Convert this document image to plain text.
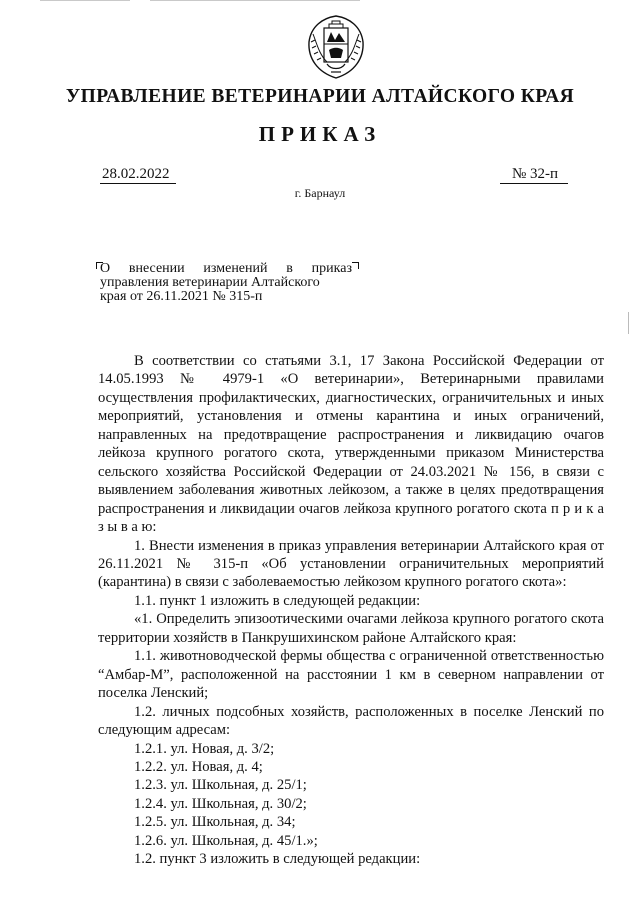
УПРАВЛЕНИЕ ВЕТЕРИНАРИИ АЛТАЙСКОГО КРАЯ
ПРИКАЗ
28.02.2022	№ 32-п
г. Барнаул
О внесении изменений в приказ
управления ветеринарии Алтайского
края от 26.11.2021 № 315-п

В соответствии со статьями 3.1, 17 Закона Российской Федерации от 14.05.1993 № 4979-1 «О ветеринарии», Ветеринарными правилами осуществления профилактических, диагностических, ограничительных и иных мероприятий, установления и отмены карантина и иных ограничений, направленных на предотвращение распространения и ликвидацию очагов лейкоза крупного рогатого скота, утвержденными приказом Министерства сельского хозяйства Российской Федерации от 24.03.2021 № 156, в связи с выявлением заболевания животных лейкозом, а также в целях предотвращения распространения и ликвидации очагов лейкоза крупного рогатого скота п р и к а з ы в а ю:

1. Внести изменения в приказ управления ветеринарии Алтайского края от 26.11.2021 № 315-п «Об установлении ограничительных мероприятий (карантина) в связи с заболеваемостью лейкозом крупного рогатого скота»:

1.1. пункт 1 изложить в следующей редакции:

«1. Определить эпизоотическими очагами лейкоза крупного рогатого скота территории хозяйств в Панкрушихинском районе Алтайского края:

1.1. животноводческой фермы общества с ограниченной ответственностью “Амбар-М”, расположенной на расстоянии 1 км в северном направлении от поселка Ленский;

1.2. личных подсобных хозяйств, расположенных в поселке Ленский по следующим адресам:

1.2.1. ул. Новая, д. 3/2;

1.2.2. ул. Новая, д. 4;

1.2.3. ул. Школьная, д. 25/1;

1.2.4. ул. Школьная, д. 30/2;

1.2.5. ул. Школьная, д. 34;

1.2.6. ул. Школьная, д. 45/1.»;

1.2. пункт 3 изложить в следующей редакции:
